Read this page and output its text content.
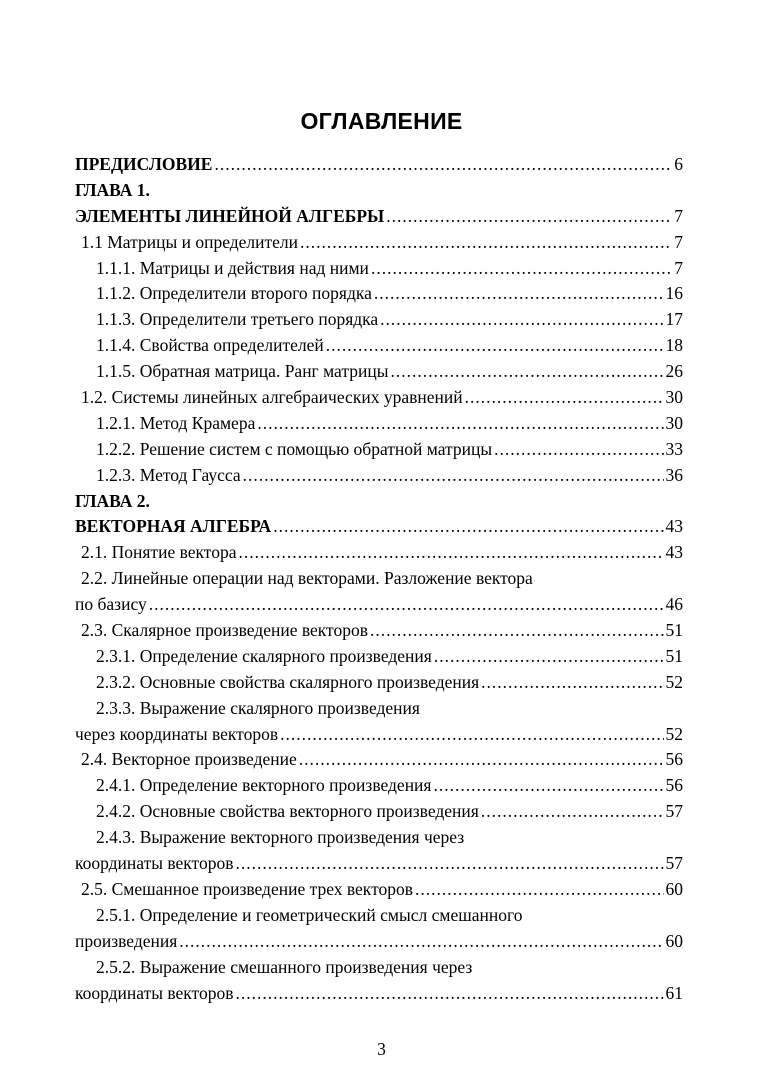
ОГЛАВЛЕНИЕ
ПРЕДИСЛОВИЕ .....	6
ГЛАВА 1.
ЭЛЕМЕНТЫ ЛИНЕЙНОЙ АЛГЕБРЫ .....	7
1.1 Матрицы и определители .....	7
1.1.1. Матрицы и действия над ними .....	7
1.1.2. Определители второго порядка .....	16
1.1.3. Определители третьего порядка .....	17
1.1.4. Свойства определителей .....	18
1.1.5. Обратная матрица. Ранг матрицы .....	26
1.2. Системы линейных алгебраических уравнений .....	30
1.2.1. Метод Крамера .....	30
1.2.2. Решение систем с помощью обратной матрицы .....	33
1.2.3. Метод Гаусса .....	36
ГЛАВА 2.
ВЕКТОРНАЯ АЛГЕБРА .....	43
2.1. Понятие вектора .....	43
2.2. Линейные операции над векторами. Разложение вектора
по базису .....	46
2.3. Скалярное произведение векторов .....	51
2.3.1. Определение скалярного произведения .....	51
2.3.2. Основные свойства скалярного произведения .....	52
2.3.3. Выражение скалярного произведения
через координаты векторов .....	52
2.4. Векторное произведение .....	56
2.4.1. Определение векторного произведения .....	56
2.4.2. Основные свойства векторного произведения .....	57
2.4.3. Выражение векторного произведения через
координаты векторов .....	57
2.5. Смешанное произведение трех векторов .....	60
2.5.1. Определение и геометрический смысл смешанного
произведения .....	60
2.5.2. Выражение смешанного произведения через
координаты векторов .....	61
3
